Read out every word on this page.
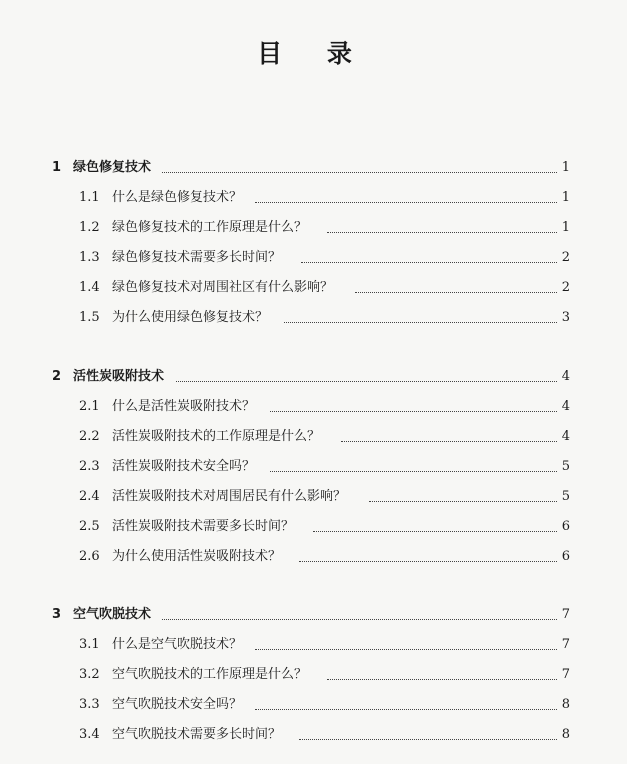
目 录
1 绿色修复技术	1
1.1 什么是绿色修复技术？	1
1.2 绿色修复技术的工作原理是什么？	1
1.3 绿色修复技术需要多长时间？	2
1.4 绿色修复技术对周围社区有什么影响？	2
1.5 为什么使用绿色修复技术？	3
2 活性炭吸附技术	4
2.1 什么是活性炭吸附技术？	4
2.2 活性炭吸附技术的工作原理是什么？	4
2.3 活性炭吸附技术安全吗？	5
2.4 活性炭吸附技术对周围居民有什么影响？	5
2.5 活性炭吸附技术需要多长时间？	6
2.6 为什么使用活性炭吸附技术？	6
3 空气吹脱技术	7
3.1 什么是空气吹脱技术？	7
3.2 空气吹脱技术的工作原理是什么？	7
3.3 空气吹脱技术安全吗？	8
3.4 空气吹脱技术需要多长时间？	8
